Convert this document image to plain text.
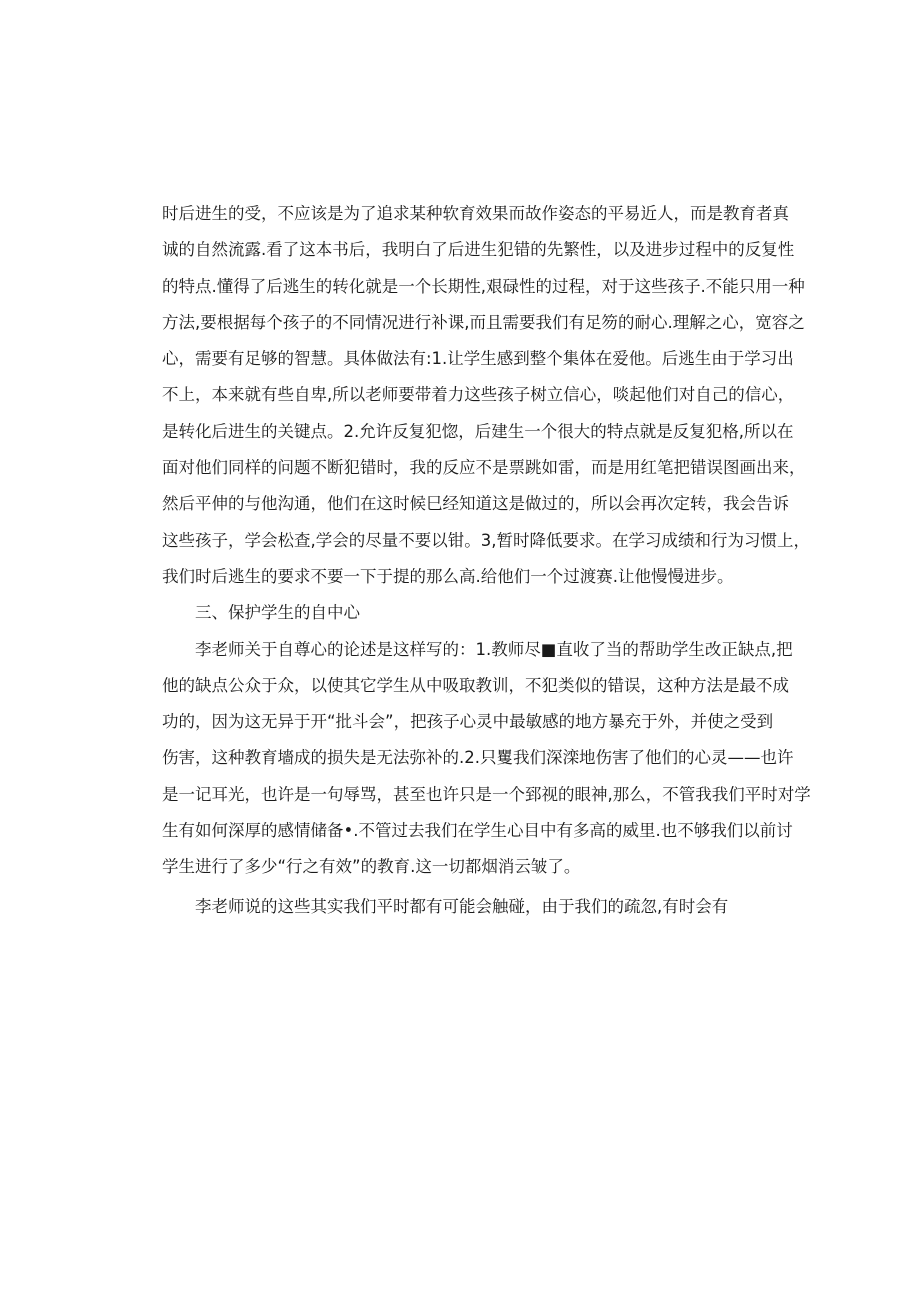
时后进生的受，不应该是为了追求某种软育效果而故作姿态的平易近人，而是教育者真
诚的自然流露.看了这本书后，我明白了后进生犯错的先繁性，以及进步过程中的反复性
的特点.懂得了后逃生的转化就是一个长期性,艰碌性的过程，对于这些孩子.不能只用一种
方法,要根据每个孩子的不同情况进行补课,而且需要我们有足笏的耐心.理解之心，宽容之
心，需要有足够的智慧。具体做法有:1.让学生感到整个集体在爱他。后逃生由于学习出
不上，本来就有些自卑,所以老师要带着力这些孩子树立信心，啖起他们对自己的信心，
是转化后进生的关键点。2.允许反复犯惚，后建生一个很大的特点就是反复犯格,所以在
面对他们同样的问题不断犯错时，我的反应不是票跳如雷，而是用红笔把错误图画出来，
然后平伸的与他沟通，他们在这时候巳经知道这是做过的，所以会再次定转，我会告诉
这些孩子，学会松查,学会的尽量不要以钳。3,暂时降低要求。在学习成绩和行为习惯上，
我们时后逃生的要求不要一下于提的那么高.给他们一个过渡赛.让他慢慢进步。
三、保护学生的自中心
李老师关于自尊心的论述是这样写的：1.教师尽■直收了当的帮助学生改正缺点,把
他的缺点公众于众，以使其它学生从中吸取教训，不犯类似的错误，这种方法是最不成
功的，因为这无异于开“批斗会”，把孩子心灵中最敏感的地方暴充于外，并使之受到
伤害，这种教育墻成的损失是无法弥补的.2.只矍我们深滦地伤害了他们的心灵——也许
是一记耳光，也许是一句辱骂，甚至也许只是一个郅视的眼神,那么，不管我我们平时对学
生有如何深厚的感情储备•.不管过去我们在学生心目中有多高的威里.也不够我们以前讨
学生进行了多少“行之有效”的教育.这一切都烟消云皱了。
李老师说的这些其实我们平时都有可能会触碰，由于我们的疏忽,有时会有
